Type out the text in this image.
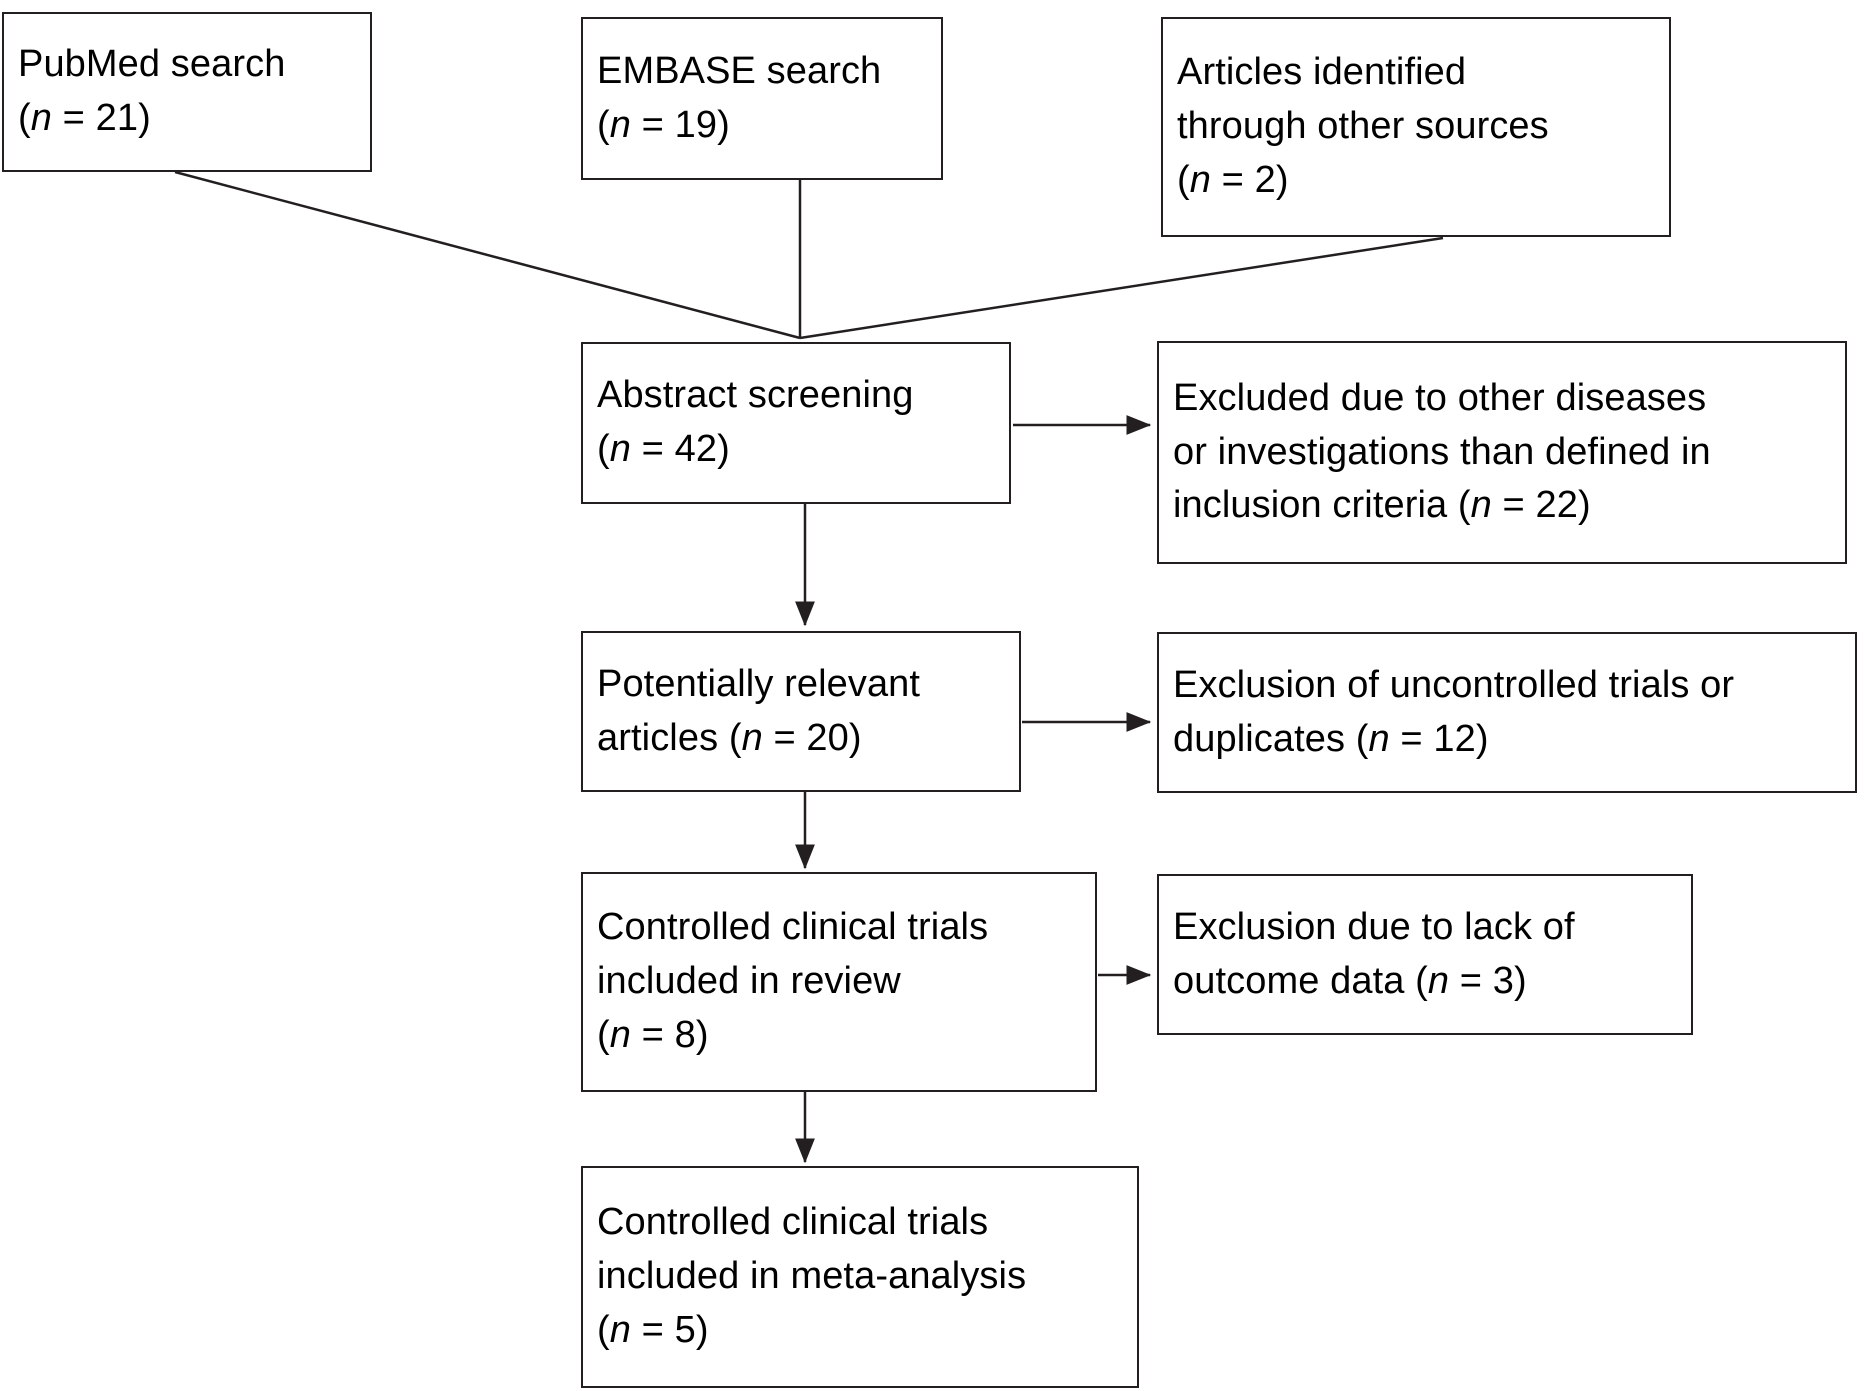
PubMed search
(n = 21)
EMBASE search
(n = 19)
Articles identified
through other sources
(n = 2)
Abstract screening
(n = 42)
Excluded due to other diseases
or investigations than defined in
inclusion criteria (n = 22)
Potentially relevant
articles (n = 20)
Exclusion of uncontrolled trials or
duplicates (n = 12)
Controlled clinical trials
included in review
(n = 8)
Exclusion due to lack of
outcome data (n = 3)
Controlled clinical trials
included in meta-analysis
(n = 5)
